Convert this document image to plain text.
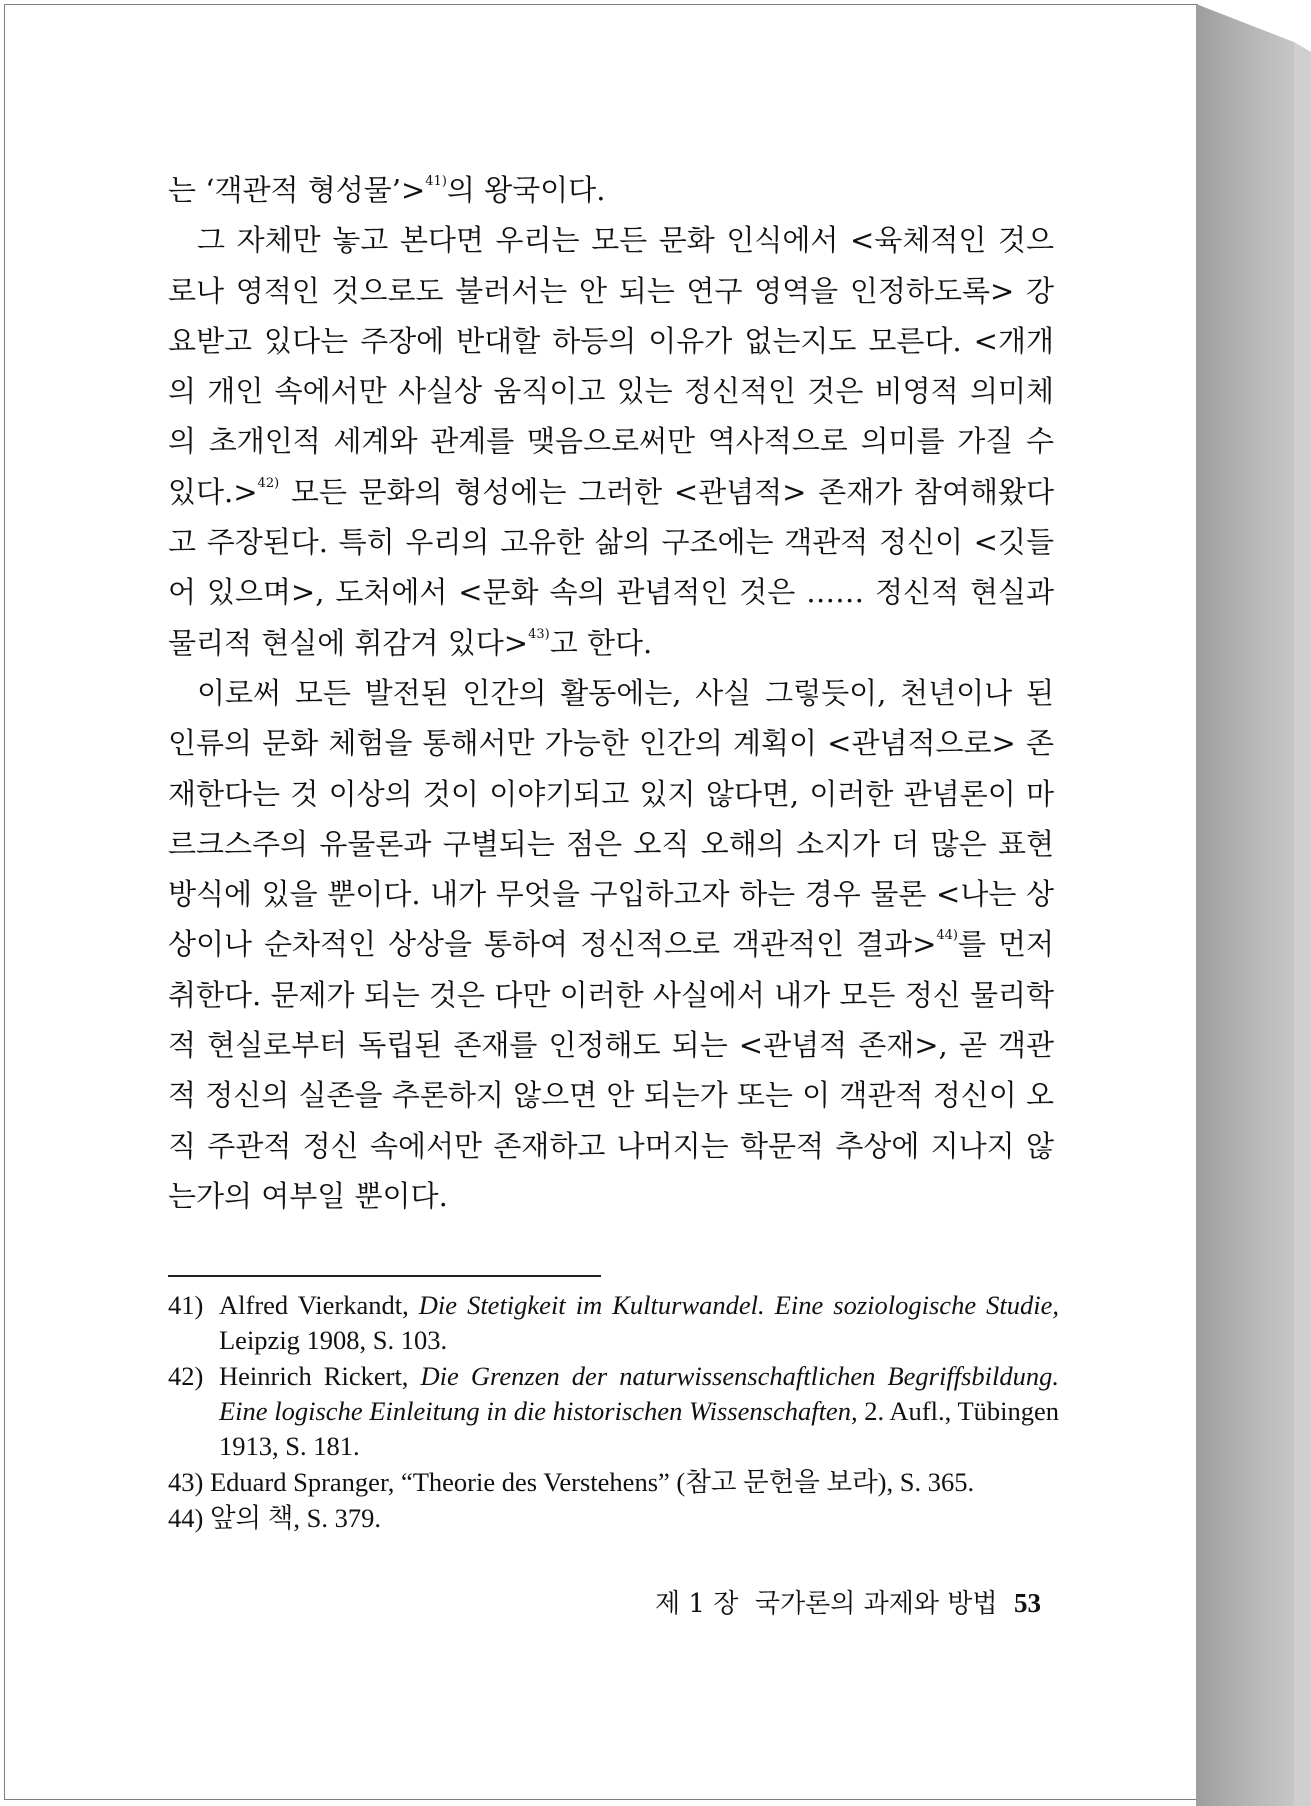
는 ‘객관적 형성물’>$^{41)}$의 왕국이다.

그 자체만 놓고 본다면 우리는 모든 문화 인식에서 <육체적인 것으로나 영적인 것으로도 불러서는 안 되는 연구 영역을 인정하도록> 강요받고 있다는 주장에 반대할 하등의 이유가 없는지도 모른다. <개개의 개인 속에서만 사실상 움직이고 있는 정신적인 것은 비영적 의미체의 초개인적 세계와 관계를 맺음으로써만 역사적으로 의미를 가질 수 있다.>$^{42)}$ 모든 문화의 형성에는 그러한 <관념적> 존재가 참여해왔다고 주장된다. 특히 우리의 고유한 삶의 구조에는 객관적 정신이 <깃들어 있으며>, 도처에서 <문화 속의 관념적인 것은 …… 정신적 현실과 물리적 현실에 휘감겨 있다>$^{43)}$고 한다.

이로써 모든 발전된 인간의 활동에는, 사실 그렇듯이, 천년이나 된 인류의 문화 체험을 통해서만 가능한 인간의 계획이 <관념적으로> 존재한다는 것 이상의 것이 이야기되고 있지 않다면, 이러한 관념론이 마르크스주의 유물론과 구별되는 점은 오직 오해의 소지가 더 많은 표현 방식에 있을 뿐이다. 내가 무엇을 구입하고자 하는 경우 물론 <나는 상상이나 순차적인 상상을 통하여 정신적으로 객관적인 결과>$^{44)}$를 먼저 취한다. 문제가 되는 것은 다만 이러한 사실에서 내가 모든 정신 물리학적 현실로부터 독립된 존재를 인정해도 되는 <관념적 존재>, 곧 객관적 정신의 실존을 추론하지 않으면 안 되는가 또는 이 객관적 정신이 오직 주관적 정신 속에서만 존재하고 나머지는 학문적 추상에 지나지 않는가의 여부일 뿐이다.

41) Alfred Vierkandt, Die Stetigkeit im Kulturwandel. Eine soziologische Studie, Leipzig 1908, S. 103.
42) Heinrich Rickert, Die Grenzen der naturwissenschaftlichen Begriffsbildung. Eine logische Einleitung in die historischen Wissenschaften, 2. Aufl., Tübingen 1913, S. 181.
43) Eduard Spranger, “Theorie des Verstehens” (참고 문헌을 보라), S. 365.
44) 앞의 책, S. 379.
제 1 장 국가론의 과제와 방법 53
